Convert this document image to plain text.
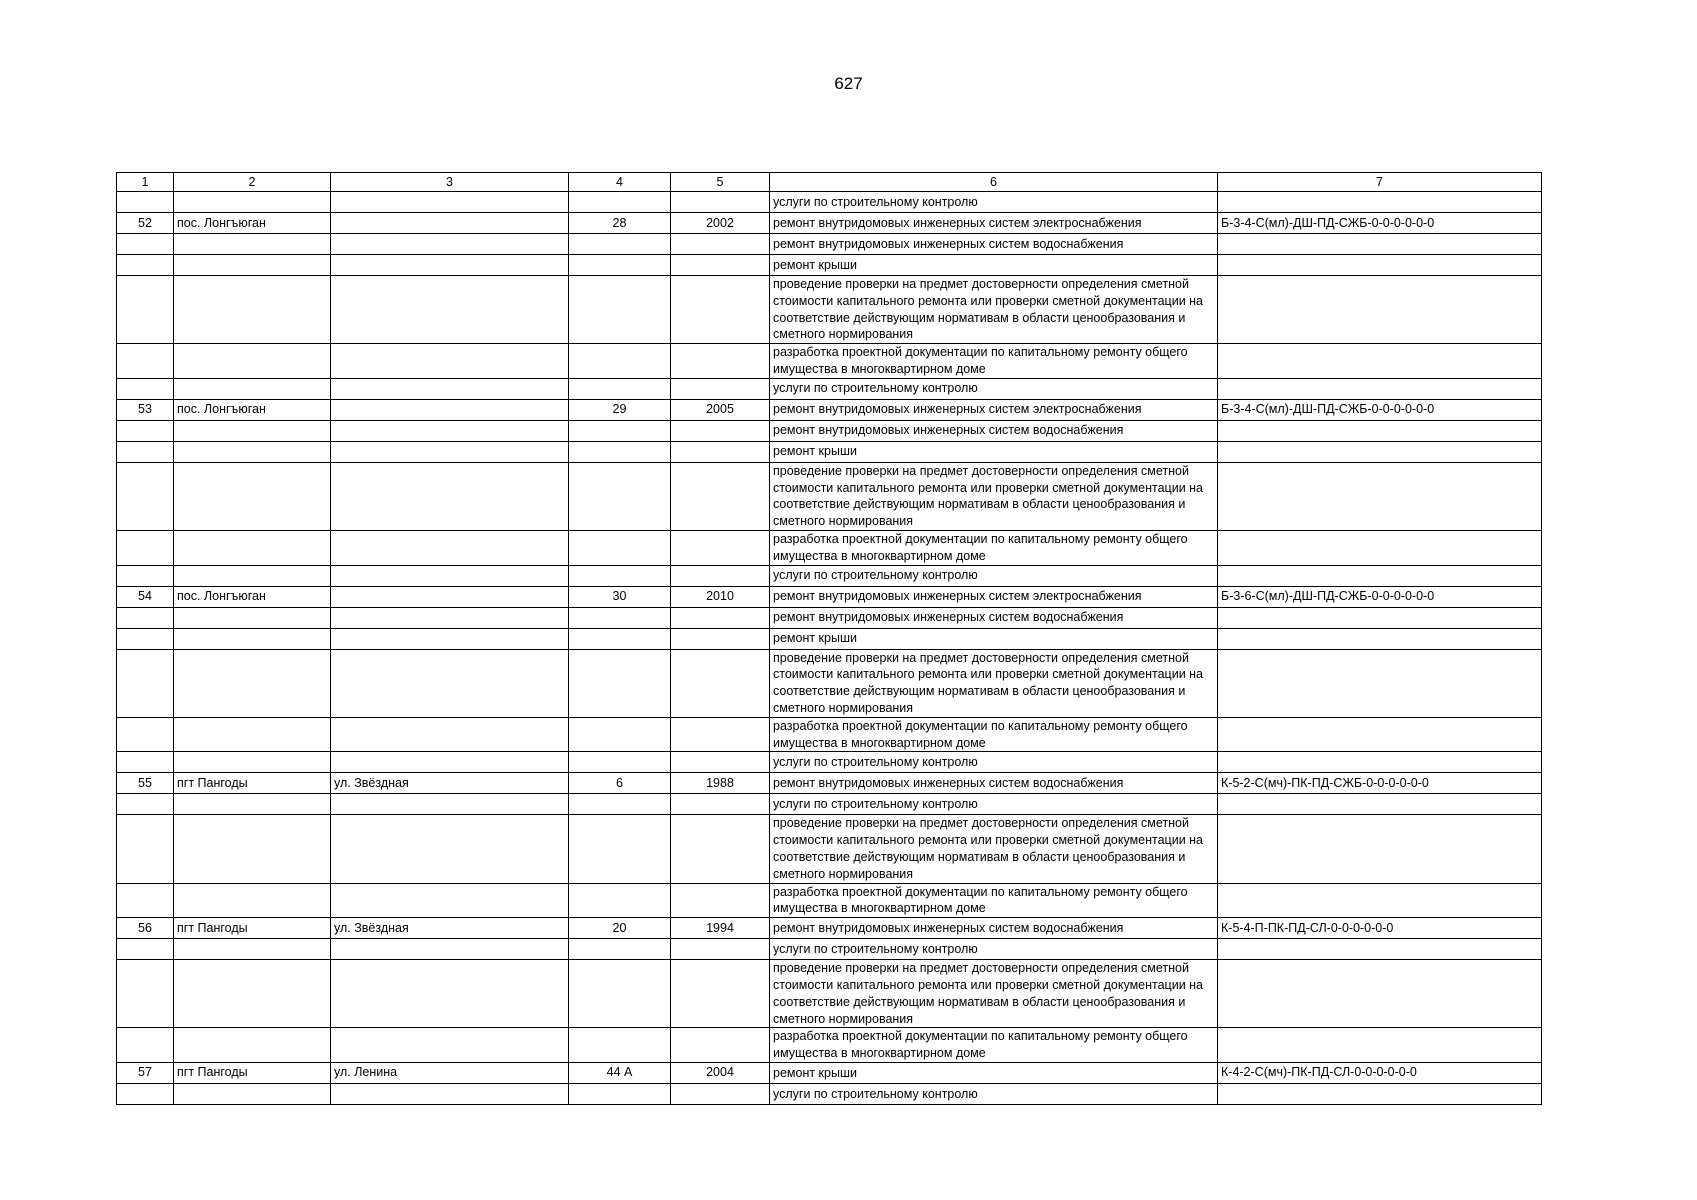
627
1	2	3	4	5	6	7
					услуги по строительному контролю	
52	пос. Лонгъюган		28	2002	ремонт внутридомовых инженерных систем электроснабжения	Б-3-4-С(мл)-ДШ-ПД-СЖБ-0-0-0-0-0-0
					ремонт внутридомовых инженерных систем водоснабжения	
					ремонт крыши	
					проведение проверки на предмет достоверности определения сметной стоимости капитального ремонта или проверки сметной документации на соответствие действующим нормативам в области ценообразования и сметного нормирования	
					разработка проектной документации по капитальному ремонту общего имущества в многоквартирном доме	
					услуги по строительному контролю	
53	пос. Лонгъюган		29	2005	ремонт внутридомовых инженерных систем электроснабжения	Б-3-4-С(мл)-ДШ-ПД-СЖБ-0-0-0-0-0-0
					ремонт внутридомовых инженерных систем водоснабжения	
					ремонт крыши	
					проведение проверки на предмет достоверности определения сметной стоимости капитального ремонта или проверки сметной документации на соответствие действующим нормативам в области ценообразования и сметного нормирования	
					разработка проектной документации по капитальному ремонту общего имущества в многоквартирном доме	
					услуги по строительному контролю	
54	пос. Лонгъюган		30	2010	ремонт внутридомовых инженерных систем электроснабжения	Б-3-6-С(мл)-ДШ-ПД-СЖБ-0-0-0-0-0-0
					ремонт внутридомовых инженерных систем водоснабжения	
					ремонт крыши	
					проведение проверки на предмет достоверности определения сметной стоимости капитального ремонта или проверки сметной документации на соответствие действующим нормативам в области ценообразования и сметного нормирования	
					разработка проектной документации по капитальному ремонту общего имущества в многоквартирном доме	
					услуги по строительному контролю	
55	пгт Пангоды	ул. Звёздная	6	1988	ремонт внутридомовых инженерных систем водоснабжения	К-5-2-С(мч)-ПК-ПД-СЖБ-0-0-0-0-0-0
					услуги по строительному контролю	
					проведение проверки на предмет достоверности определения сметной стоимости капитального ремонта или проверки сметной документации на соответствие действующим нормативам в области ценообразования и сметного нормирования	
					разработка проектной документации по капитальному ремонту общего имущества в многоквартирном доме	
56	пгт Пангоды	ул. Звёздная	20	1994	ремонт внутридомовых инженерных систем водоснабжения	К-5-4-П-ПК-ПД-СЛ-0-0-0-0-0-0
					услуги по строительному контролю	
					проведение проверки на предмет достоверности определения сметной стоимости капитального ремонта или проверки сметной документации на соответствие действующим нормативам в области ценообразования и сметного нормирования	
					разработка проектной документации по капитальному ремонту общего имущества в многоквартирном доме	
57	пгт Пангоды	ул. Ленина	44 А	2004	ремонт крыши	К-4-2-С(мч)-ПК-ПД-СЛ-0-0-0-0-0-0
					услуги по строительному контролю	
